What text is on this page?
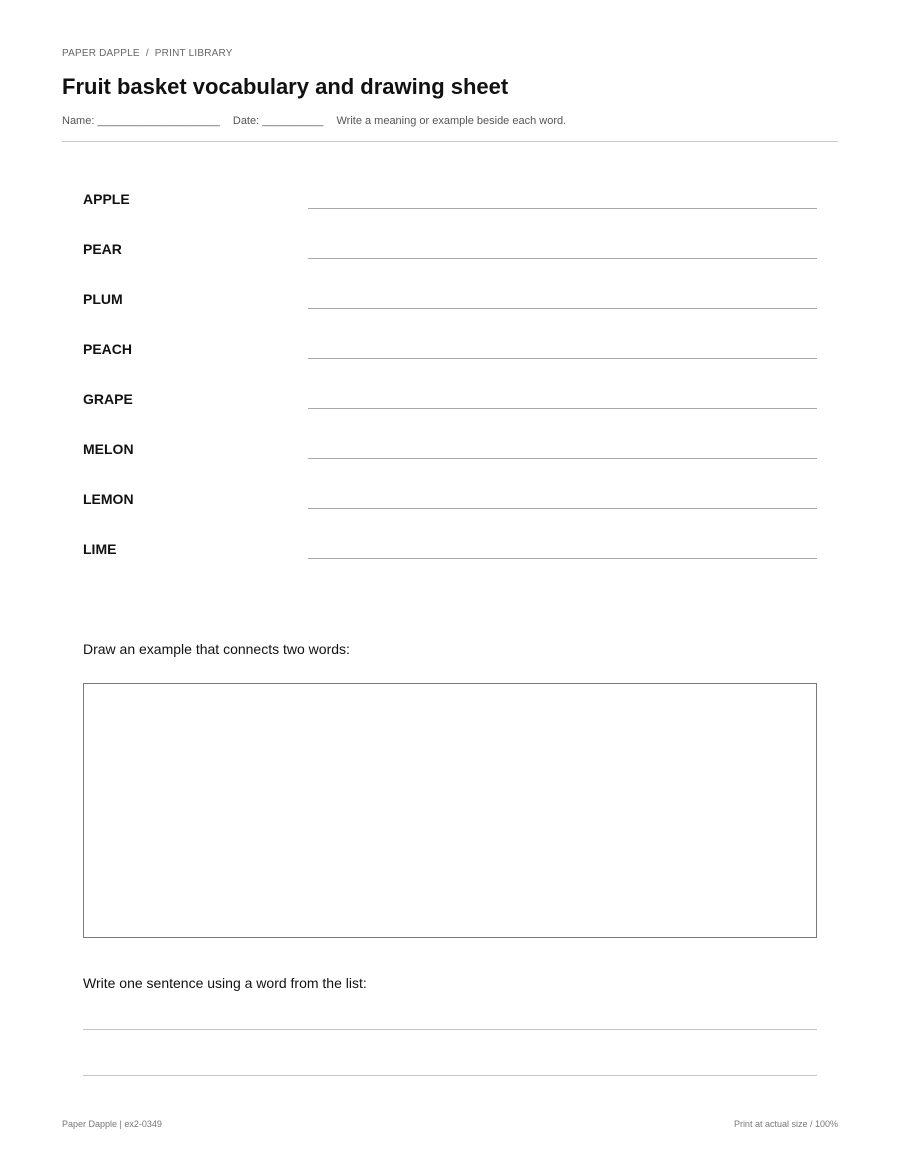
PAPER DAPPLE / PRINT LIBRARY
Fruit basket vocabulary and drawing sheet
Name: ____________________ Date: __________ Write a meaning or example beside each word.
APPLE
PEAR
PLUM
PEACH
GRAPE
MELON
LEMON
LIME
Draw an example that connects two words:
Write one sentence using a word from the list:
Paper Dapple | ex2-0349	Print at actual size / 100%
